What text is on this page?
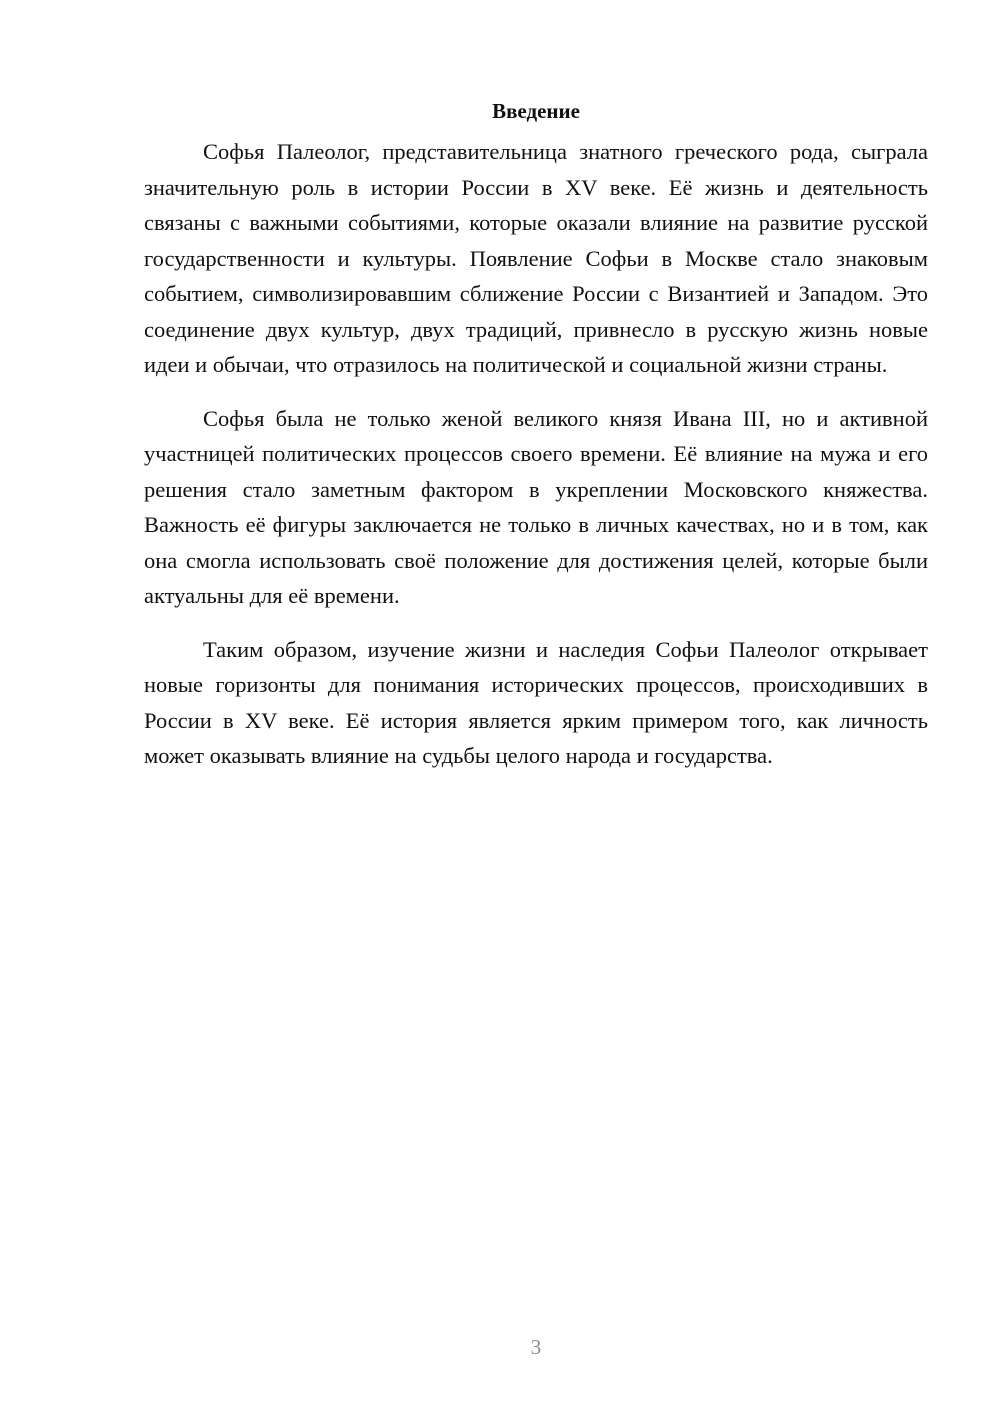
Введение

Софья Палеолог, представительница знатного греческого рода, сыграла значительную роль в истории России в XV веке. Её жизнь и деятельность связаны с важными событиями, которые оказали влияние на развитие русской государственности и культуры. Появление Софьи в Москве стало знаковым событием, символизировавшим сближение России с Византией и Западом. Это соединение двух культур, двух традиций, привнесло в русскую жизнь новые идеи и обычаи, что отразилось на политической и социальной жизни страны.

Софья была не только женой великого князя Ивана III, но и активной участницей политических процессов своего времени. Её влияние на мужа и его решения стало заметным фактором в укреплении Московского княжества. Важность её фигуры заключается не только в личных качествах, но и в том, как она смогла использовать своё положение для достижения целей, которые были актуальны для её времени.

Таким образом, изучение жизни и наследия Софьи Палеолог открывает новые горизонты для понимания исторических процессов, происходивших в России в XV веке. Её история является ярким примером того, как личность может оказывать влияние на судьбы целого народа и государства.

3
